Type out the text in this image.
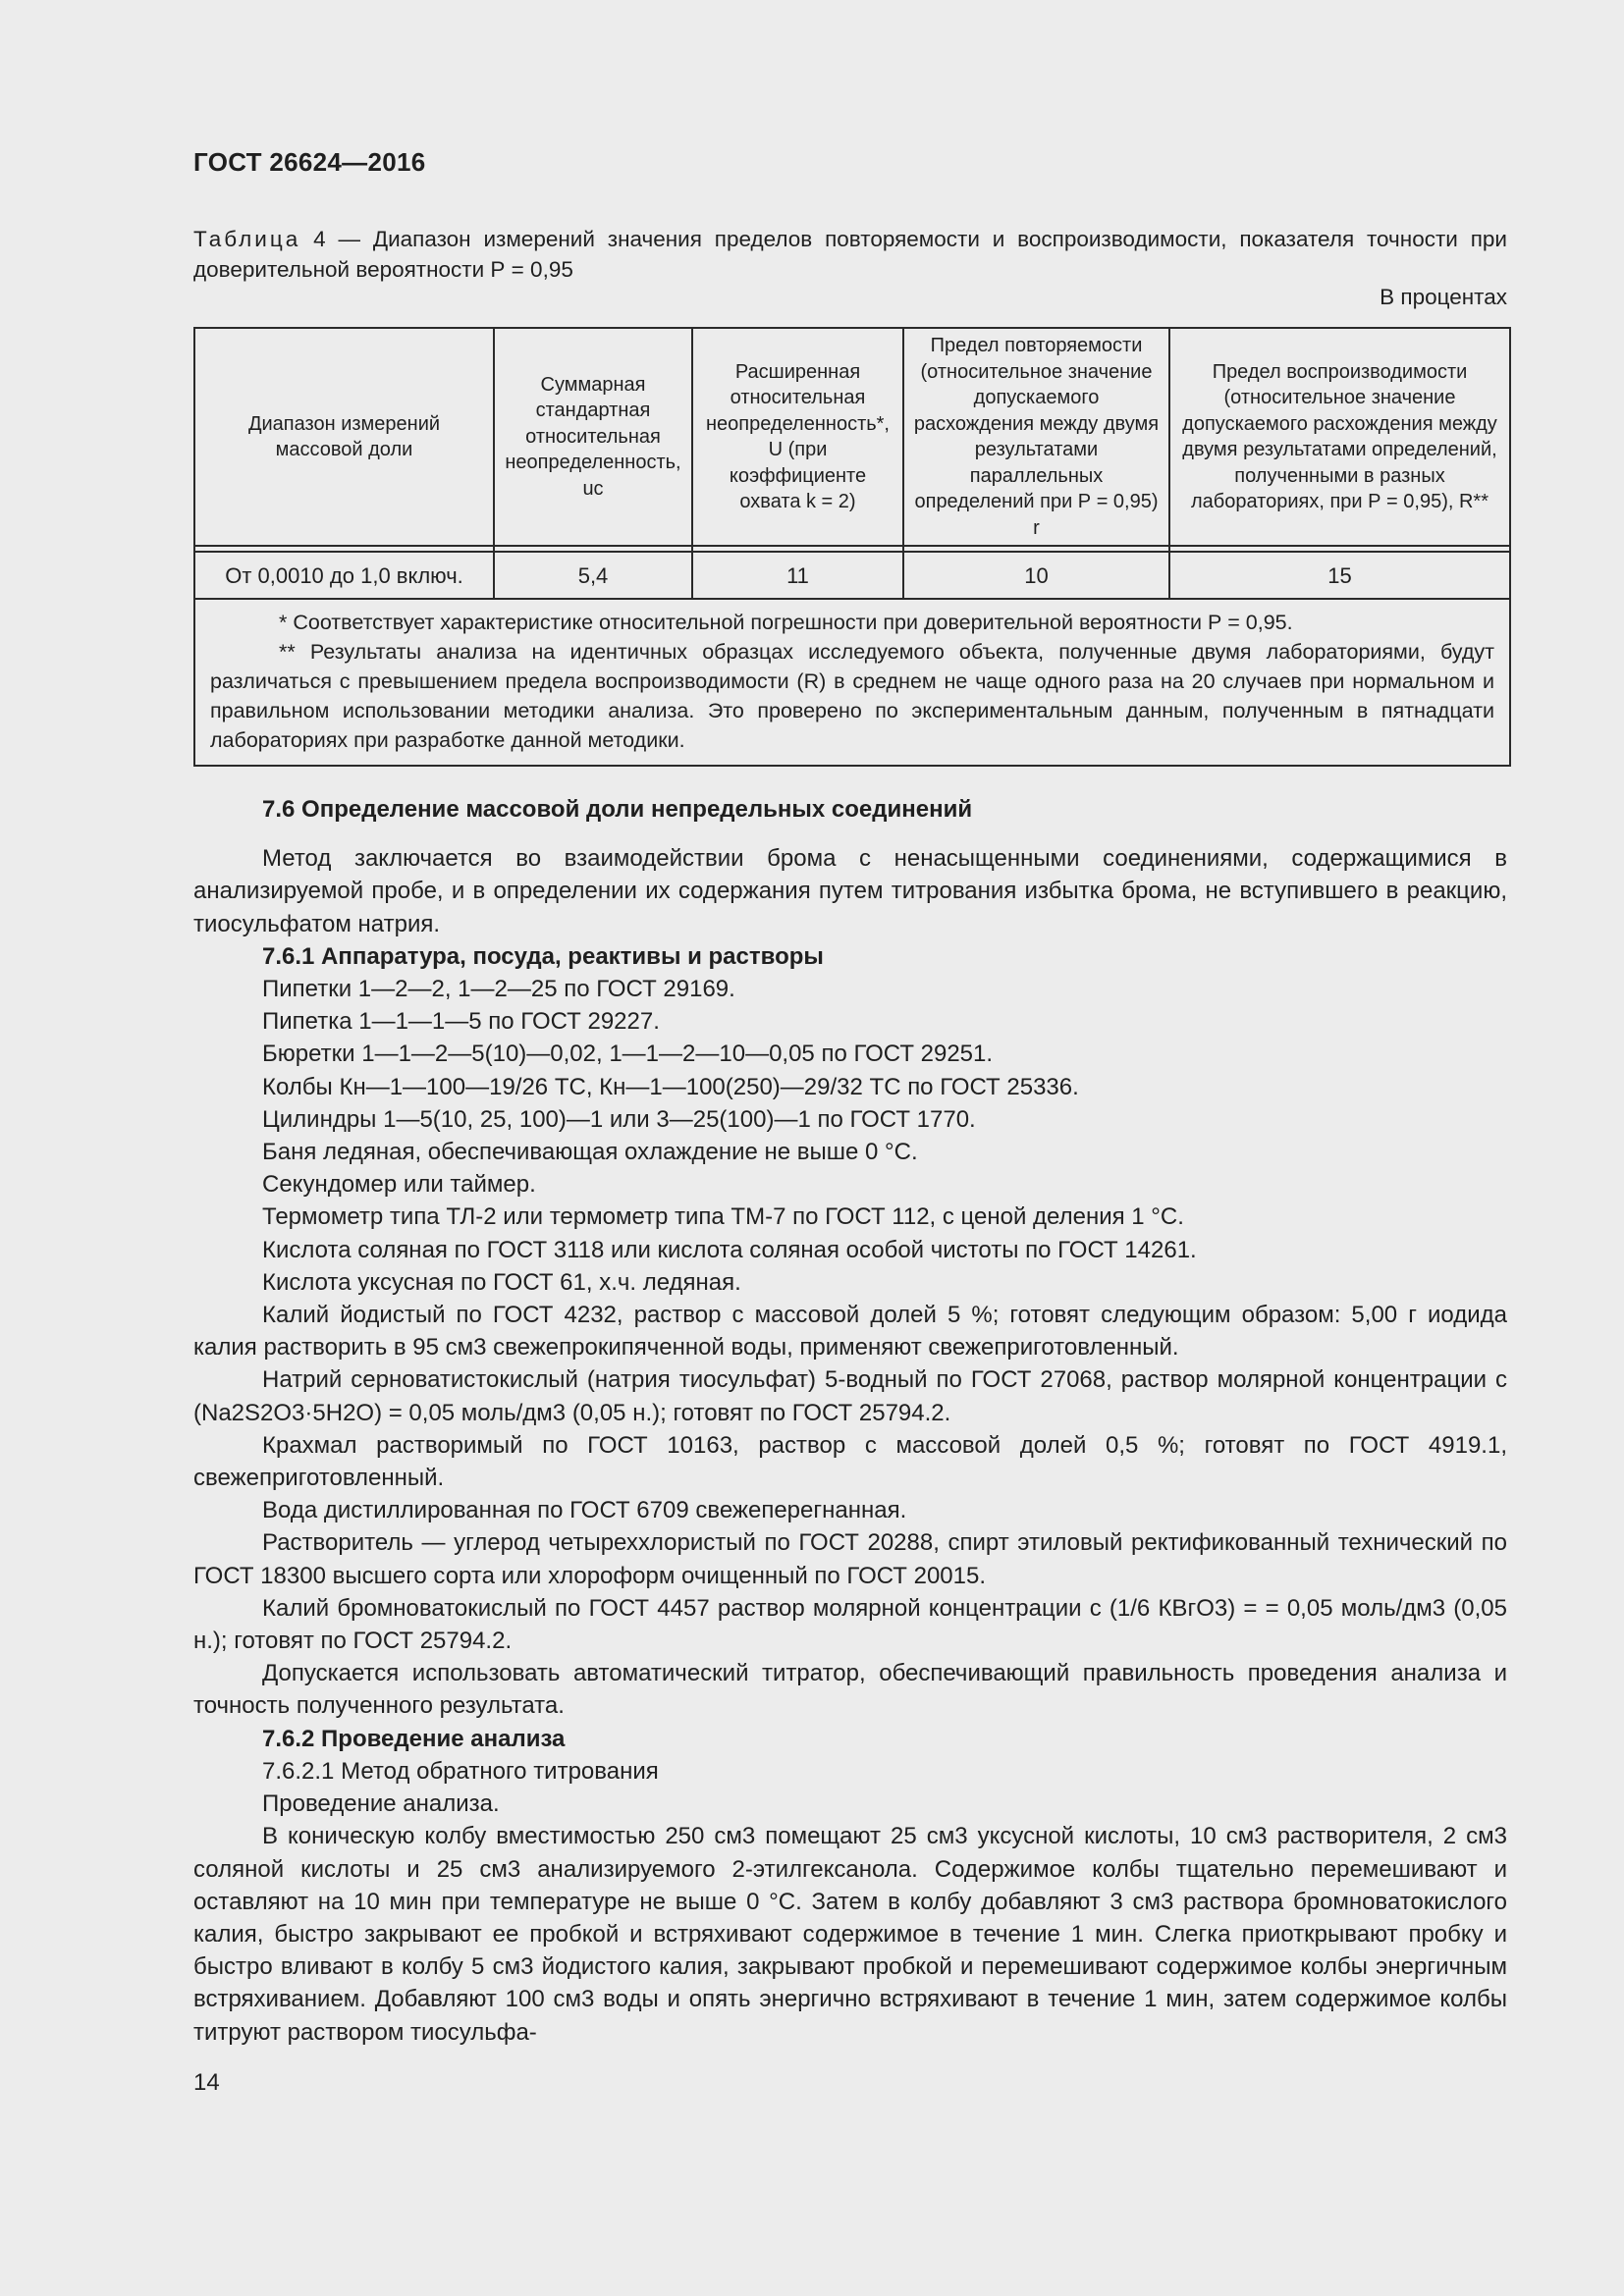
ГОСТ 26624—2016
Таблица 4 — Диапазон измерений значения пределов повторяемости и воспроизводимости, показателя точности при доверительной вероятности Р = 0,95
В процентах
Диапазон измерений массовой доли	Суммарная стандартная относительная неопределенность, uc	Расширенная относительная неопределенность*, U (при коэффициенте охвата k = 2)	Предел повторяемости (относительное значение допускаемого расхождения между двумя результатами параллельных определений при Р = 0,95) r	Предел воспроизводимости (относительное значение допускаемого расхождения между двумя результатами определений, полученными в разных лабораториях, при Р = 0,95), R**

От 0,0010 до 1,0 включ.	5,4	11	10	15

* Соответствует характеристике относительной погрешности при доверительной вероятности Р = 0,95.

** Результаты анализа на идентичных образцах исследуемого объекта, полученные двумя лабораториями, будут различаться с превышением предела воспроизводимости (R) в среднем не чаще одного раза на 20 случаев при нормальном и правильном использовании методики анализа. Это проверено по экспериментальным данным, полученным в пятнадцати лабораториях при разработке данной методики.				

7.6 Определение массовой доли непредельных соединений

Метод заключается во взаимодействии брома с ненасыщенными соединениями, содержащимися в анализируемой пробе, и в определении их содержания путем титрования избытка брома, не вступившего в реакцию, тиосульфатом натрия.

7.6.1 Аппаратура, посуда, реактивы и растворы

Пипетки 1—2—2, 1—2—25 по ГОСТ 29169.

Пипетка 1—1—1—5 по ГОСТ 29227.

Бюретки 1—1—2—5(10)—0,02, 1—1—2—10—0,05 по ГОСТ 29251.

Колбы Кн—1—100—19/26 ТС, Кн—1—100(250)—29/32 ТС по ГОСТ 25336.

Цилиндры 1—5(10, 25, 100)—1 или 3—25(100)—1 по ГОСТ 1770.

Баня ледяная, обеспечивающая охлаждение не выше 0 °С.

Секундомер или таймер.

Термометр типа ТЛ-2 или термометр типа ТМ-7 по ГОСТ 112, с ценой деления 1 °С.

Кислота соляная по ГОСТ 3118 или кислота соляная особой чистоты по ГОСТ 14261.

Кислота уксусная по ГОСТ 61, х.ч. ледяная.

Калий йодистый по ГОСТ 4232, раствор с массовой долей 5 %; готовят следующим образом: 5,00 г иодида калия растворить в 95 см3 свежепрокипяченной воды, применяют свежеприготовленный.

Натрий серноватистокислый (натрия тиосульфат) 5-водный по ГОСТ 27068, раствор молярной концентрации с (Na2S2O3·5H2O) = 0,05 моль/дм3 (0,05 н.); готовят по ГОСТ 25794.2.

Крахмал растворимый по ГОСТ 10163, раствор с массовой долей 0,5 %; готовят по ГОСТ 4919.1, свежеприготовленный.

Вода дистиллированная по ГОСТ 6709 свежеперегнанная.

Растворитель — углерод четыреххлористый по ГОСТ 20288, спирт этиловый ректификованный технический по ГОСТ 18300 высшего сорта или хлороформ очищенный по ГОСТ 20015.

Калий бромноватокислый по ГОСТ 4457 раствор молярной концентрации с (1/6 КВгО3) = = 0,05 моль/дм3 (0,05 н.); готовят по ГОСТ 25794.2.

Допускается использовать автоматический титратор, обеспечивающий правильность проведения анализа и точность полученного результата.

7.6.2 Проведение анализа

7.6.2.1 Метод обратного титрования

Проведение анализа.

В коническую колбу вместимостью 250 см3 помещают 25 см3 уксусной кислоты, 10 см3 растворителя, 2 см3 соляной кислоты и 25 см3 анализируемого 2-этилгексанола. Содержимое колбы тщательно перемешивают и оставляют на 10 мин при температуре не выше 0 °С. Затем в колбу добавляют 3 см3 раствора бромноватокислого калия, быстро закрывают ее пробкой и встряхивают содержимое в течение 1 мин. Слегка приоткрывают пробку и быстро вливают в колбу 5 см3 йодистого калия, закрывают пробкой и перемешивают содержимое колбы энергичным встряхиванием. Добавляют 100 см3 воды и опять энергично встряхивают в течение 1 мин, затем содержимое колбы титруют раствором тиосульфа-

14
